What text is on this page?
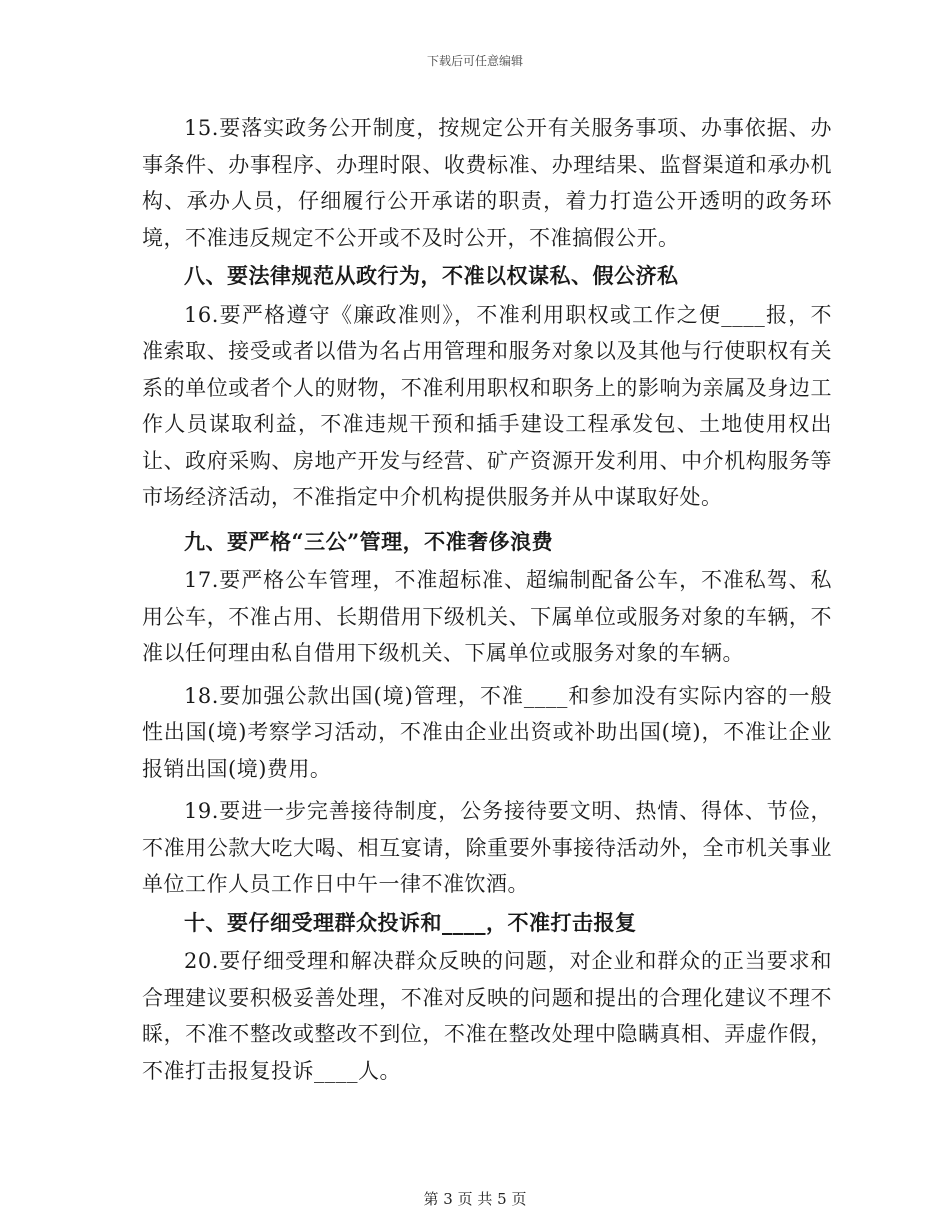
下载后可任意编辑

15.要落实政务公开制度，按规定公开有关服务事项、办事依据、办事条件、办事程序、办理时限、收费标准、办理结果、监督渠道和承办机构、承办人员，仔细履行公开承诺的职责，着力打造公开透明的政务环境，不准违反规定不公开或不及时公开，不准搞假公开。

八、要法律规范从政行为，不准以权谋私、假公济私

16.要严格遵守《廉政准则》，不准利用职权或工作之便____报，不准索取、接受或者以借为名占用管理和服务对象以及其他与行使职权有关系的单位或者个人的财物，不准利用职权和职务上的影响为亲属及身边工作人员谋取利益，不准违规干预和插手建设工程承发包、土地使用权出让、政府采购、房地产开发与经营、矿产资源开发利用、中介机构服务等市场经济活动，不准指定中介机构提供服务并从中谋取好处。

九、要严格“三公”管理，不准奢侈浪费

17.要严格公车管理，不准超标准、超编制配备公车，不准私驾、私用公车，不准占用、长期借用下级机关、下属单位或服务对象的车辆，不准以任何理由私自借用下级机关、下属单位或服务对象的车辆。

18.要加强公款出国(境)管理，不准____和参加没有实际内容的一般性出国(境)考察学习活动，不准由企业出资或补助出国(境)，不准让企业报销出国(境)费用。

19.要进一步完善接待制度，公务接待要文明、热情、得体、节俭，不准用公款大吃大喝、相互宴请，除重要外事接待活动外，全市机关事业单位工作人员工作日中午一律不准饮酒。

十、要仔细受理群众投诉和____，不准打击报复

20.要仔细受理和解决群众反映的问题，对企业和群众的正当要求和合理建议要积极妥善处理，不准对反映的问题和提出的合理化建议不理不睬，不准不整改或整改不到位，不准在整改处理中隐瞒真相、弄虚作假，不准打击报复投诉____人。

第 3 页 共 5 页
